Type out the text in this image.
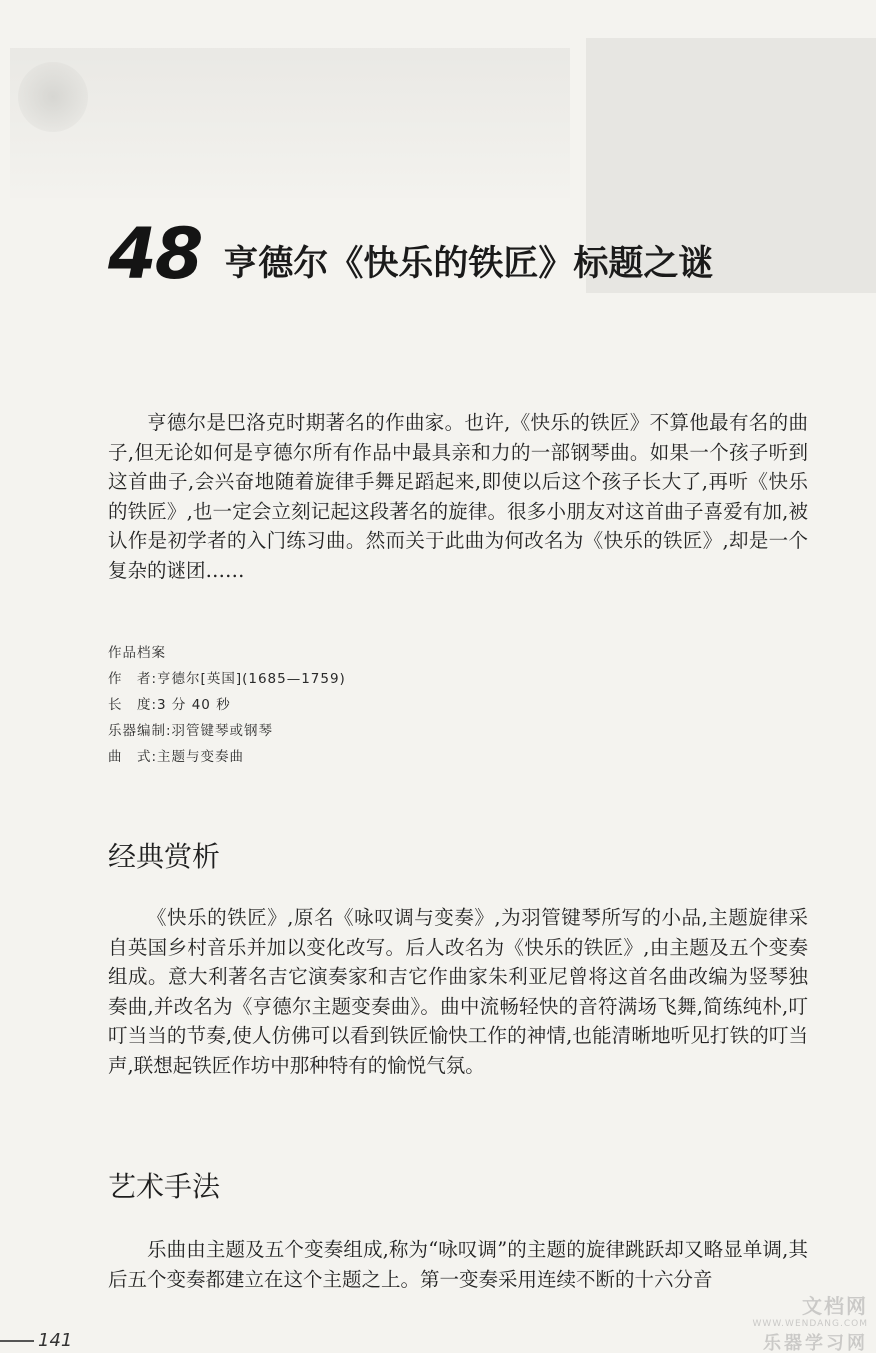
48 亨德尔《快乐的铁匠》标题之谜

亨德尔是巴洛克时期著名的作曲家。也许,《快乐的铁匠》不算他最有名的曲子,但无论如何是亨德尔所有作品中最具亲和力的一部钢琴曲。如果一个孩子听到这首曲子,会兴奋地随着旋律手舞足蹈起来,即使以后这个孩子长大了,再听《快乐的铁匠》,也一定会立刻记起这段著名的旋律。很多小朋友对这首曲子喜爱有加,被认作是初学者的入门练习曲。然而关于此曲为何改名为《快乐的铁匠》,却是一个复杂的谜团……

作品档案
作　者:亨德尔[英国](1685—1759)
长　度:3 分 40 秒
乐器编制:羽管键琴或钢琴
曲　式:主题与变奏曲
经典赏析

《快乐的铁匠》,原名《咏叹调与变奏》,为羽管键琴所写的小品,主题旋律采自英国乡村音乐并加以变化改写。后人改名为《快乐的铁匠》,由主题及五个变奏组成。意大利著名吉它演奏家和吉它作曲家朱利亚尼曾将这首名曲改编为竖琴独奏曲,并改名为《亨德尔主题变奏曲》。曲中流畅轻快的音符满场飞舞,简练纯朴,叮叮当当的节奏,使人仿佛可以看到铁匠愉快工作的神情,也能清晰地听见打铁的叮当声,联想起铁匠作坊中那种特有的愉悦气氛。

艺术手法

乐曲由主题及五个变奏组成,称为“咏叹调”的主题的旋律跳跃却又略显单调,其后五个变奏都建立在这个主题之上。第一变奏采用连续不断的十六分音

141
文档网
WWW.WENDANG.COM
乐器学习网
